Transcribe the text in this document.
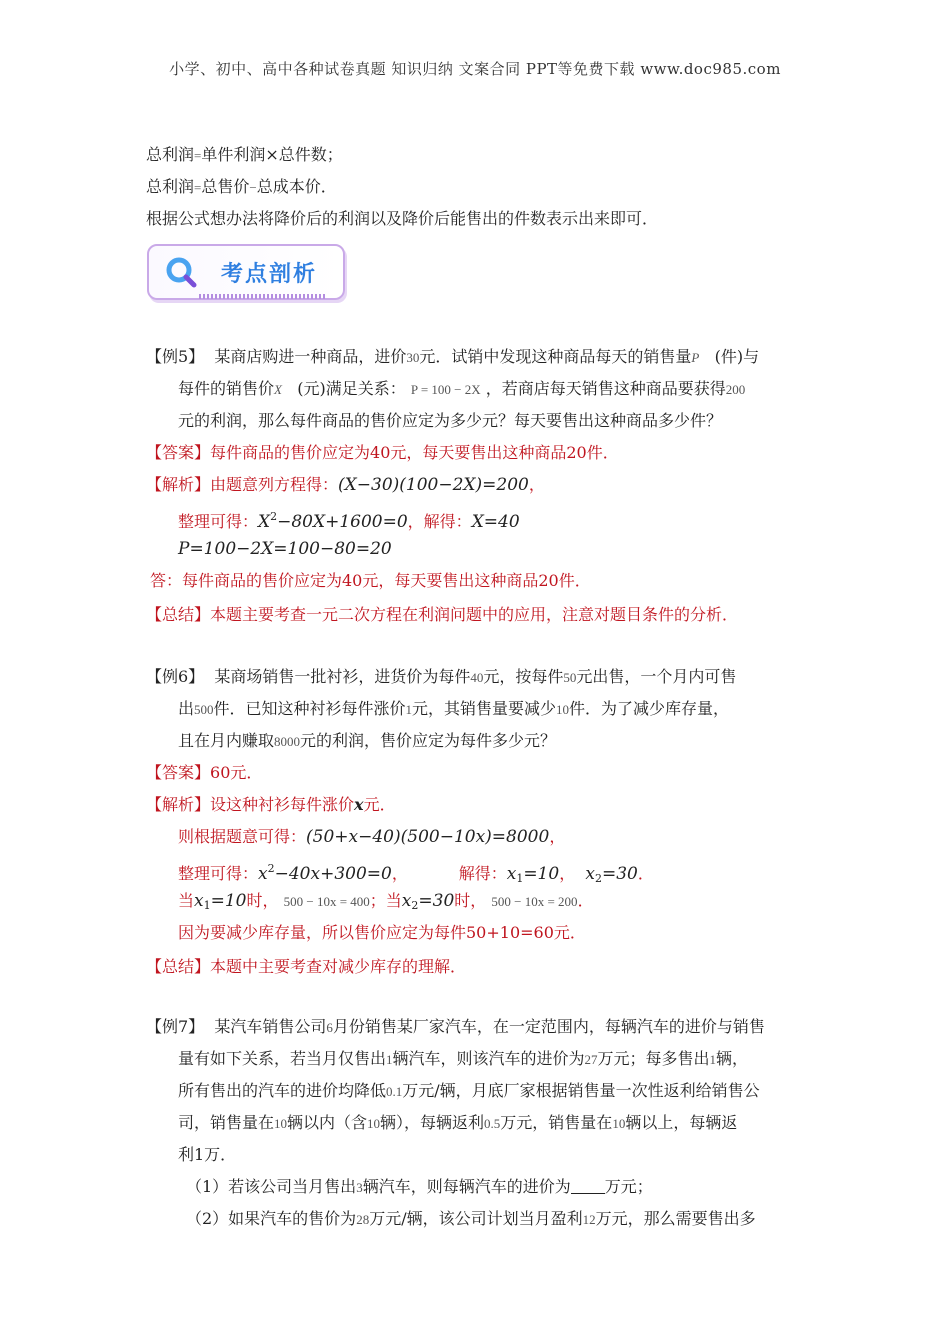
小学、初中、高中各种试卷真题 知识归纳 文案合同 PPT等免费下载 www.doc985.com
总利润=单件利润×总件数；
总利润=总售价−总成本价．
根据公式想办法将降价后的利润以及降价后能售出的件数表示出来即可．
考点剖析
【例5】 某商店购进一种商品，进价30元．试销中发现这种商品每天的销售量P (件)与
每件的销售价X (元)满足关系： P = 100 − 2X ，若商店每天销售这种商品要获得200
元的利润，那么每件商品的售价应定为多少元？每天要售出这种商品多少件？
【答案】每件商品的售价应定为40元，每天要售出这种商品20件．
【解析】由题意列方程得：(X−30)(100−2X)=200，
整理可得：$X^2-80X+1600=0$，解得：X=40
P=100−2X=100−80=20
答：每件商品的售价应定为40元，每天要售出这种商品20件．
【总结】本题主要考查一元二次方程在利润问题中的应用，注意对题目条件的分析．
【例6】 某商场销售一批衬衫，进货价为每件40元，按每件50元出售，一个月内可售
出500件．已知这种衬衫每件涨价1元，其销售量要减少10件．为了减少库存量，
且在月内赚取8000元的利润，售价应定为每件多少元？
【答案】60元．
【解析】设这种衬衫每件涨价x元．
则根据题意可得：(50+x−40)(500−10x)=8000，
整理可得：$x^2-40x+300=0$，	解得：$x_1=10$， $x_2=30$．
当$x_1=10$时， 500 − 10x = 400；当$x_2=30$时， 500 − 10x = 200．
因为要减少库存量，所以售价应定为每件50+10=60元．
【总结】本题中主要考查对减少库存的理解．
【例7】 某汽车销售公司6月份销售某厂家汽车，在一定范围内，每辆汽车的进价与销售
量有如下关系，若当月仅售出1辆汽车，则该汽车的进价为27万元；每多售出1辆，
所有售出的汽车的进价均降低0.1万元/辆，月底厂家根据销售量一次性返利给销售公
司，销售量在10辆以内（含10辆），每辆返利0.5万元，销售量在10辆以上，每辆返
利1万．
（1）若该公司当月售出3辆汽车，则每辆汽车的进价为 万元；
（2）如果汽车的售价为28万元/辆，该公司计划当月盈利12万元，那么需要售出多
